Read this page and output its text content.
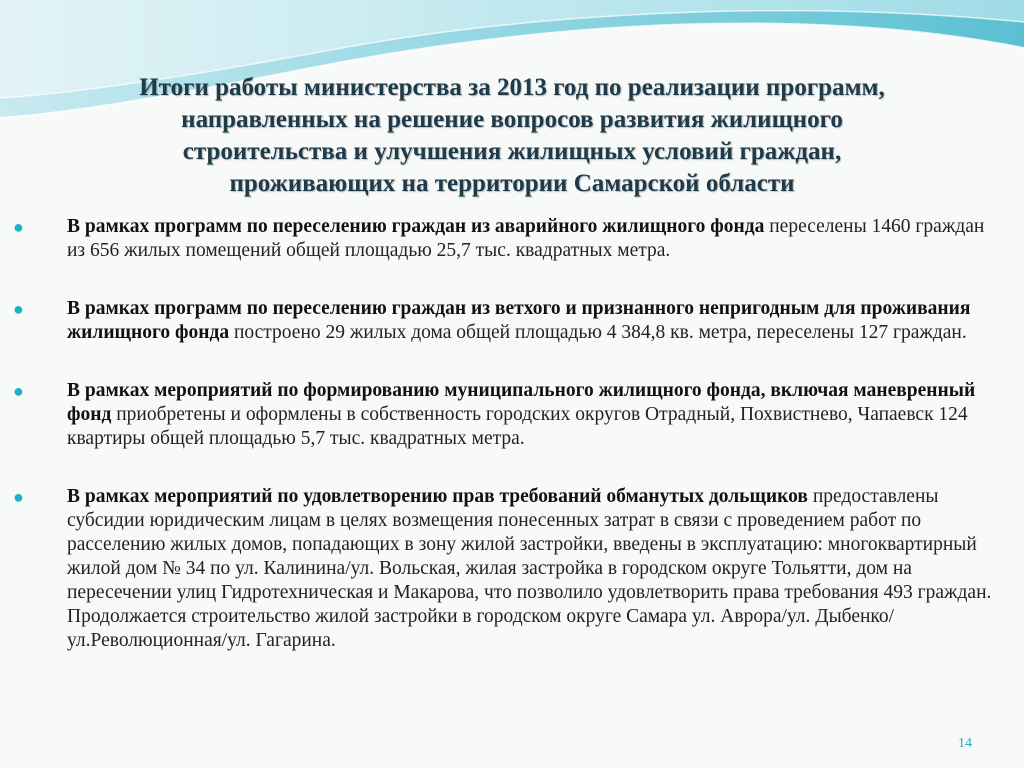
Итоги работы министерства за 2013 год по реализации программ,
направленных на решение вопросов развития жилищного
строительства и улучшения жилищных условий граждан,
проживающих на территории Самарской области
● В рамках программ по переселению граждан из аварийного жилищного фонда переселены 1460 граждан из 656 жилых помещений общей площадью 25,7 тыс. квадратных метра.
● В рамках программ по переселению граждан из ветхого и признанного непригодным для проживания жилищного фонда построено 29 жилых дома общей площадью 4 384,8 кв. метра, переселены 127 граждан.
● В рамках мероприятий по формированию муниципального жилищного фонда, включая маневренный фонд приобретены и оформлены в собственность городских округов Отрадный, Похвистнево, Чапаевск 124 квартиры общей площадью 5,7 тыс. квадратных метра.
● В рамках мероприятий по удовлетворению прав требований обманутых дольщиков предоставлены субсидии юридическим лицам в целях возмещения понесенных затрат в связи с проведением работ по расселению жилых домов, попадающих в зону жилой застройки, введены в эксплуатацию: многоквартирный жилой дом № 34 по ул. Калинина/ул. Вольская, жилая застройка в городском округе Тольятти, дом на пересечении улиц Гидротехническая и Макарова, что позволило удовлетворить права требования 493 граждан. Продолжается строительство жилой застройки в городском округе Самара ул. Аврора/ул. Дыбенко/ул.Революционная/ул. Гагарина.
14
